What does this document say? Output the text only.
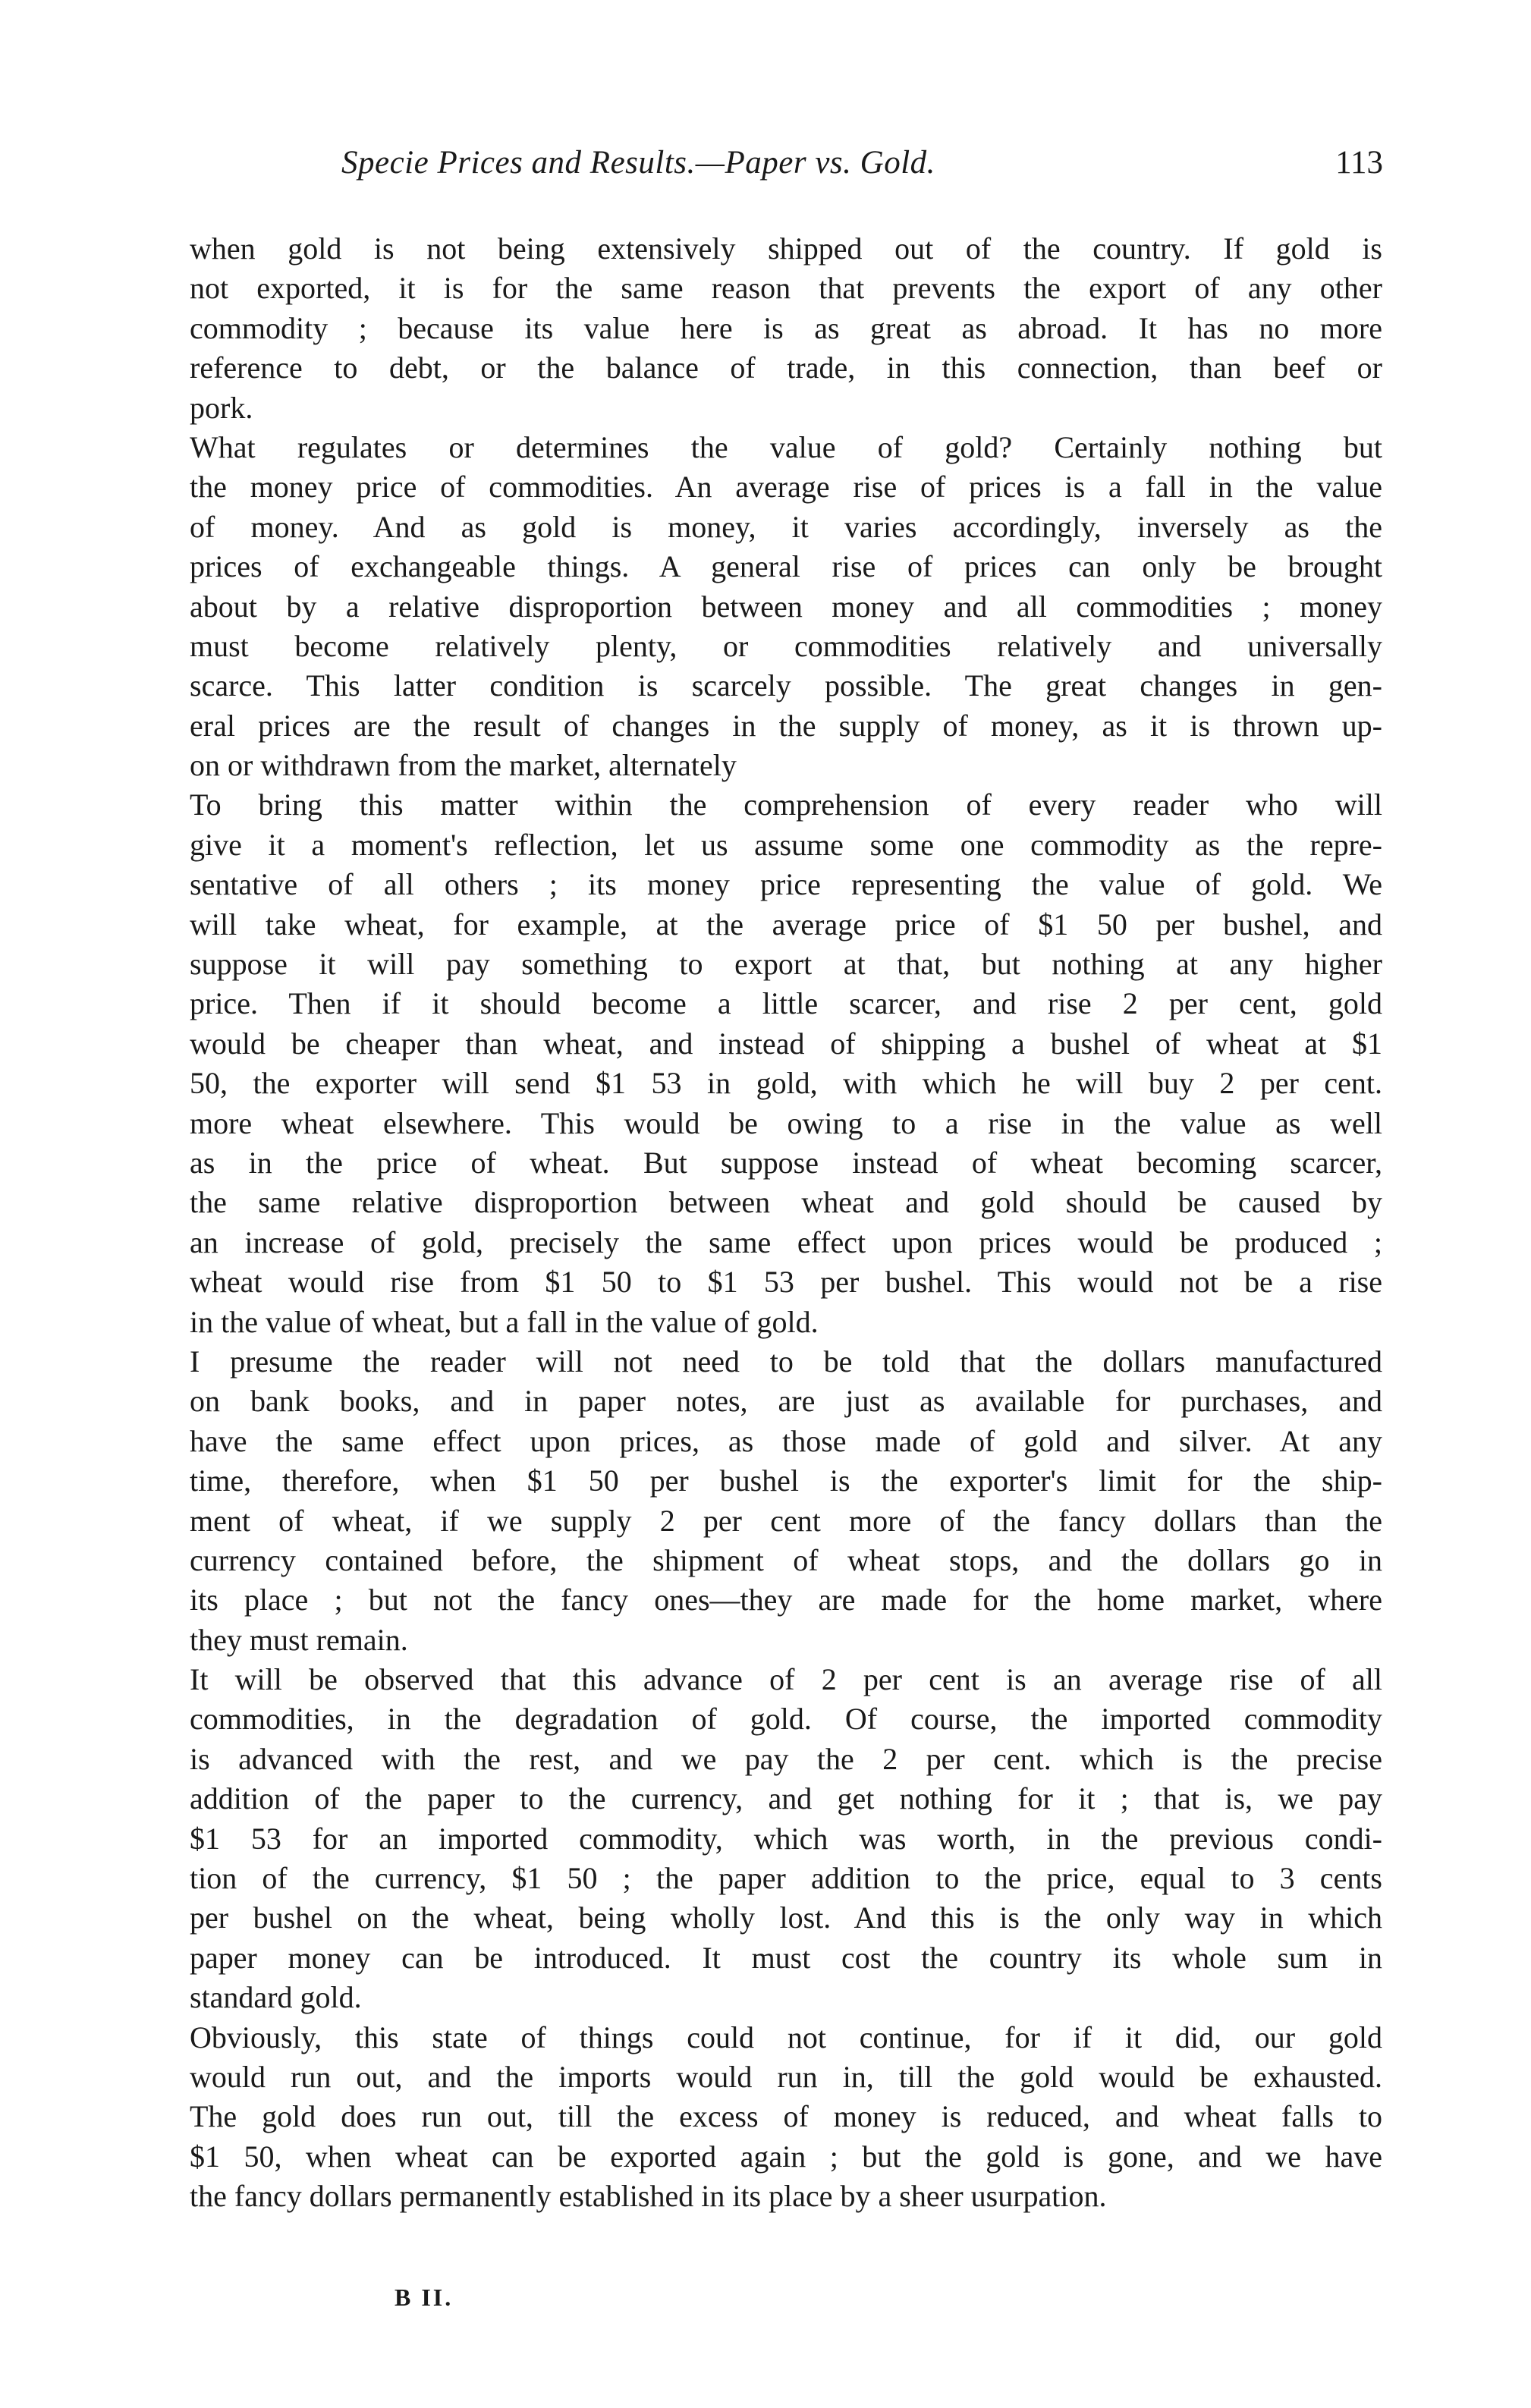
Specie Prices and Results.—Paper vs. Gold.	113
when gold is not being extensively shipped out of the country. If gold is
not exported, it is for the same reason that prevents the export of any other
commodity ; because its value here is as great as abroad. It has no more
reference to debt, or the balance of trade, in this connection, than beef or
pork.
What regulates or determines the value of gold? Certainly nothing but
the money price of commodities. An average rise of prices is a fall in the value
of money. And as gold is money, it varies accordingly, inversely as the
prices of exchangeable things. A general rise of prices can only be brought
about by a relative disproportion between money and all commodities ; money
must become relatively plenty, or commodities relatively and universally
scarce. This latter condition is scarcely possible. The great changes in gen-
eral prices are the result of changes in the supply of money, as it is thrown up-
on or withdrawn from the market, alternately
To bring this matter within the comprehension of every reader who will
give it a moment's reflection, let us assume some one commodity as the repre-
sentative of all others ; its money price representing the value of gold. We
will take wheat, for example, at the average price of $1 50 per bushel, and
suppose it will pay something to export at that, but nothing at any higher
price. Then if it should become a little scarcer, and rise 2 per cent, gold
would be cheaper than wheat, and instead of shipping a bushel of wheat at $1
50, the exporter will send $1 53 in gold, with which he will buy 2 per cent.
more wheat elsewhere. This would be owing to a rise in the value as well
as in the price of wheat. But suppose instead of wheat becoming scarcer,
the same relative disproportion between wheat and gold should be caused by
an increase of gold, precisely the same effect upon prices would be produced ;
wheat would rise from $1 50 to $1 53 per bushel. This would not be a rise
in the value of wheat, but a fall in the value of gold.
I presume the reader will not need to be told that the dollars manufactured
on bank books, and in paper notes, are just as available for purchases, and
have the same effect upon prices, as those made of gold and silver. At any
time, therefore, when $1 50 per bushel is the exporter's limit for the ship-
ment of wheat, if we supply 2 per cent more of the fancy dollars than the
currency contained before, the shipment of wheat stops, and the dollars go in
its place ; but not the fancy ones—they are made for the home market, where
they must remain.
It will be observed that this advance of 2 per cent is an average rise of all
commodities, in the degradation of gold. Of course, the imported commodity
is advanced with the rest, and we pay the 2 per cent. which is the precise
addition of the paper to the currency, and get nothing for it ; that is, we pay
$1 53 for an imported commodity, which was worth, in the previous condi-
tion of the currency, $1 50 ; the paper addition to the price, equal to 3 cents
per bushel on the wheat, being wholly lost. And this is the only way in which
paper money can be introduced. It must cost the country its whole sum in
standard gold.
Obviously, this state of things could not continue, for if it did, our gold
would run out, and the imports would run in, till the gold would be exhausted.
The gold does run out, till the excess of money is reduced, and wheat falls to
$1 50, when wheat can be exported again ; but the gold is gone, and we have
the fancy dollars permanently established in its place by a sheer usurpation.
B II.
